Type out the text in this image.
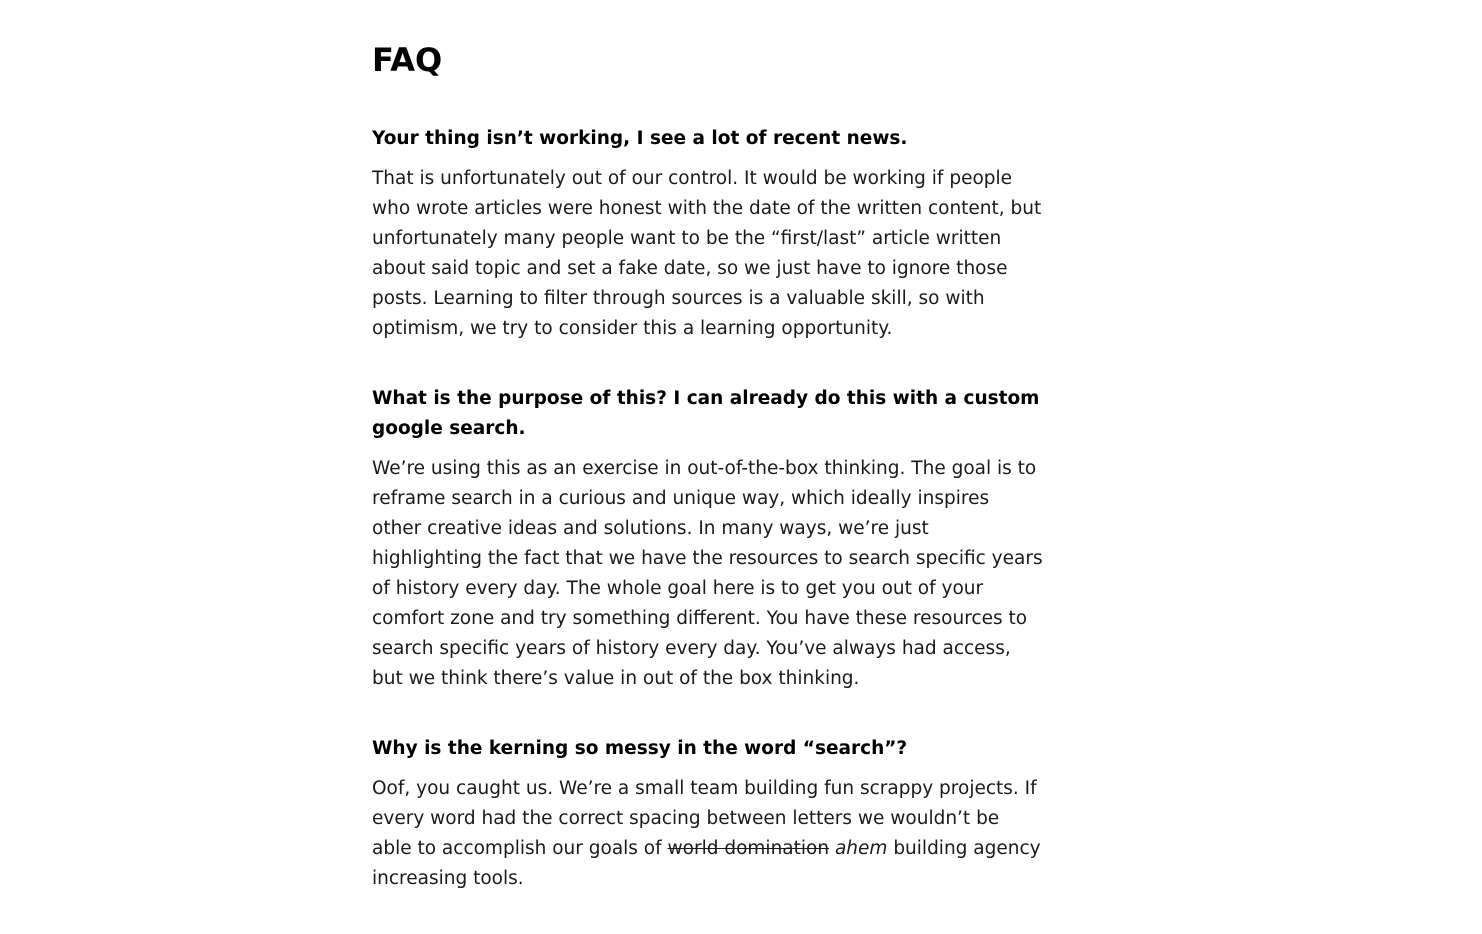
FAQ
Your thing isn’t working, I see a lot of recent news.

That is unfortunately out of our control. It would be working if people who wrote articles were honest with the date of the written content, but unfortunately many people want to be the “first/last” article written about said topic and set a fake date, so we just have to ignore those posts. Learning to filter through sources is a valuable skill, so with optimism, we try to consider this a learning opportunity.

What is the purpose of this? I can already do this with a custom google search.

We’re using this as an exercise in out-of-the-box thinking. The goal is to reframe search in a curious and unique way, which ideally inspires other creative ideas and solutions. In many ways, we’re just highlighting the fact that we have the resources to search specific years of history every day. The whole goal here is to get you out of your comfort zone and try something different. You have these resources to search specific years of history every day. You’ve always had access, but we think there’s value in out of the box thinking.

Why is the kerning so messy in the word “search”?

Oof, you caught us. We’re a small team building fun scrappy projects. If every word had the correct spacing between letters we wouldn’t be able to accomplish our goals of world domination ahem building agency increasing tools.
